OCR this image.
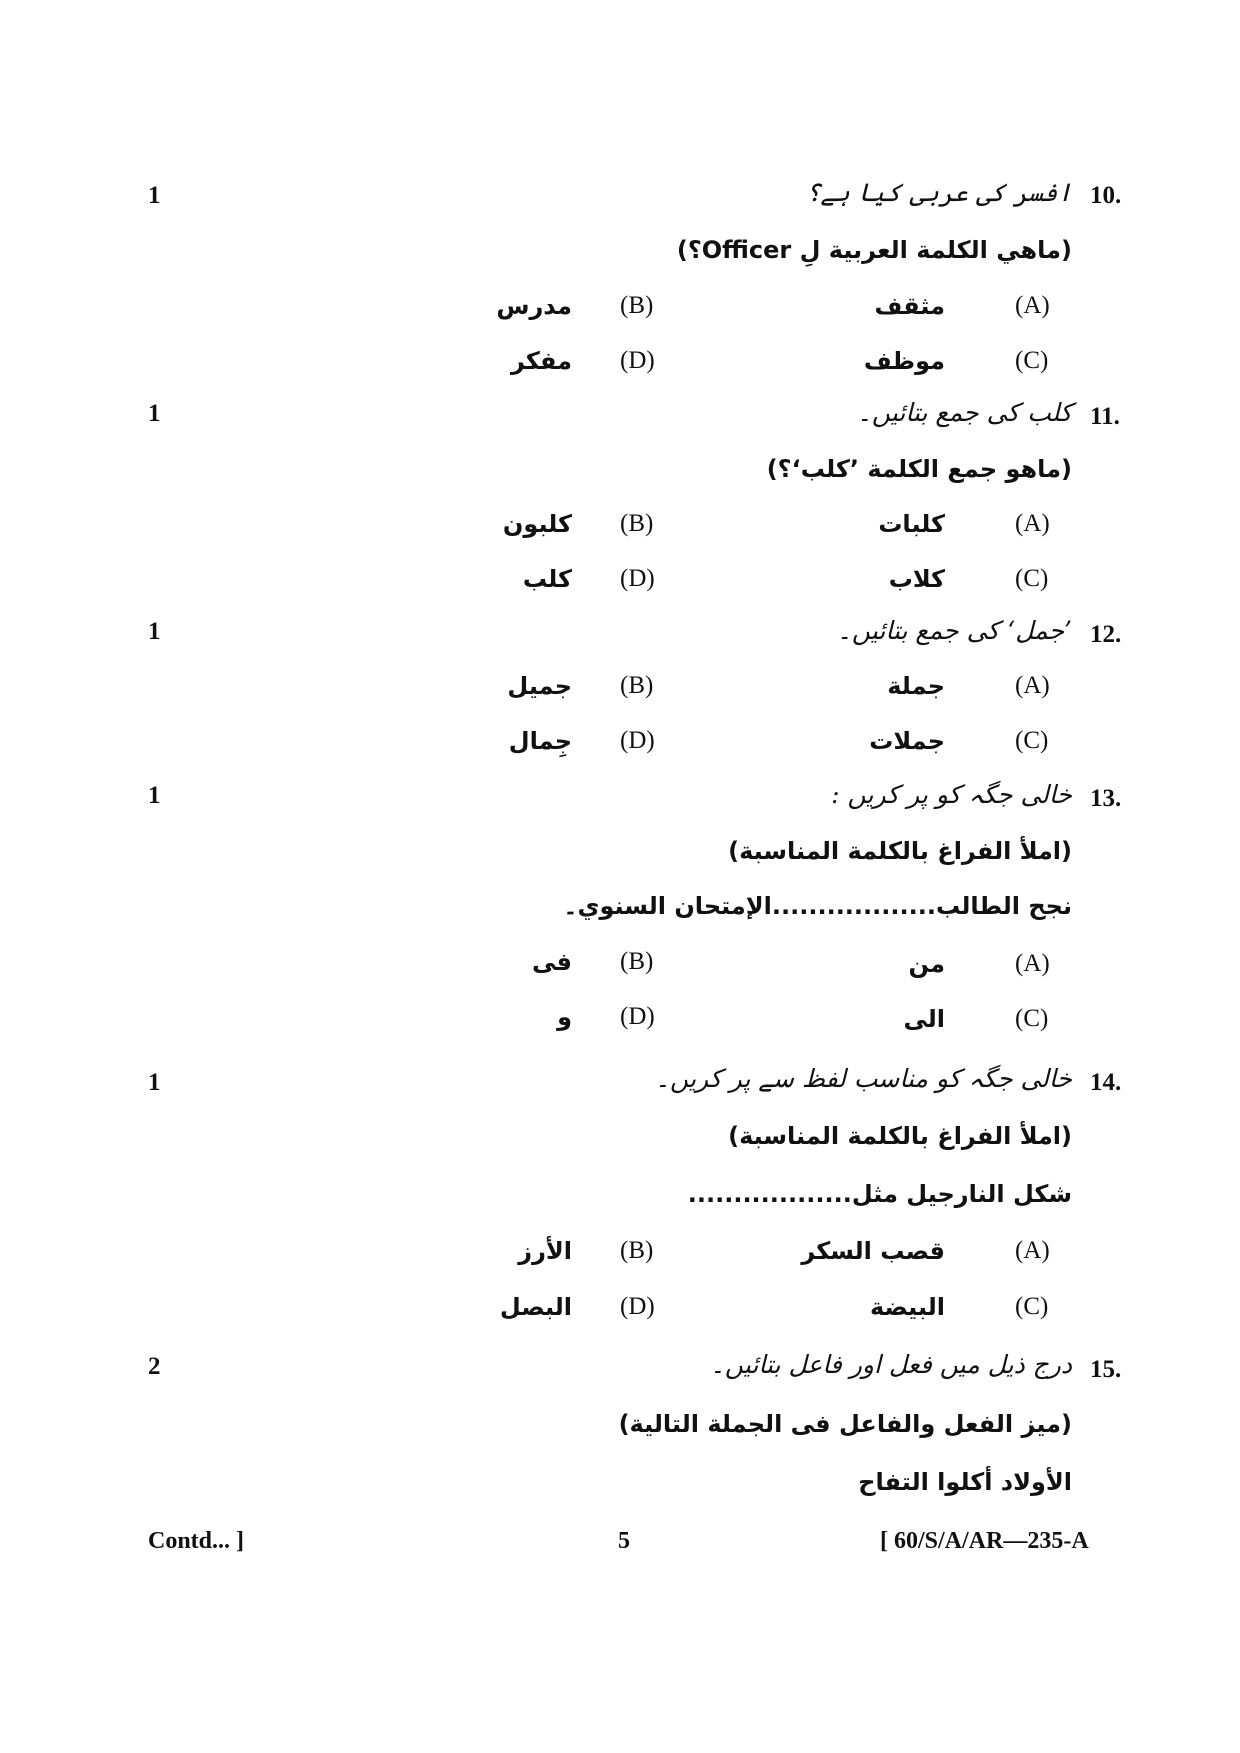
1	10.
افسر کی عربی کیا ہے؟
(ماهي الكلمة العربية لِ Officer؟)
(A)
مثقف
(B)
مدرس
(C)
موظف
(D)
مفكر
1	11.
کلب کی جمع بتائیں۔
(ماهو جمع الكلمة ’كلب‘؟)
(A)
كلبات
(B)
كلبون
(C)
كلاب
(D)
كلب
1	12.
’جمل‘ کی جمع بتائیں۔
(A)
جملة
(B)
جميل
(C)
جملات
(D)
جِمال
1	13.
خالی جگہ کو پر کریں :
(املأ الفراغ بالكلمة المناسبة)
نجح الطالب..................الإمتحان السنوي۔
(A)
من
(B)
فى
(C)
الى
(D)
و
1	14.
خالی جگہ کو مناسب لفظ سے پر کریں۔
(املأ الفراغ بالكلمة المناسبة)
شكل النارجيل مثل..................
(A)
قصب السكر
(B)
الأرز
(C)
البيضة
(D)
البصل
2	15.
درج ذیل میں فعل اور فاعل بتائیں۔
(ميز الفعل والفاعل فى الجملة التالية)
الأولاد أكلوا التفاح
Contd... ]	5	[ 60/S/A/AR—235-A
